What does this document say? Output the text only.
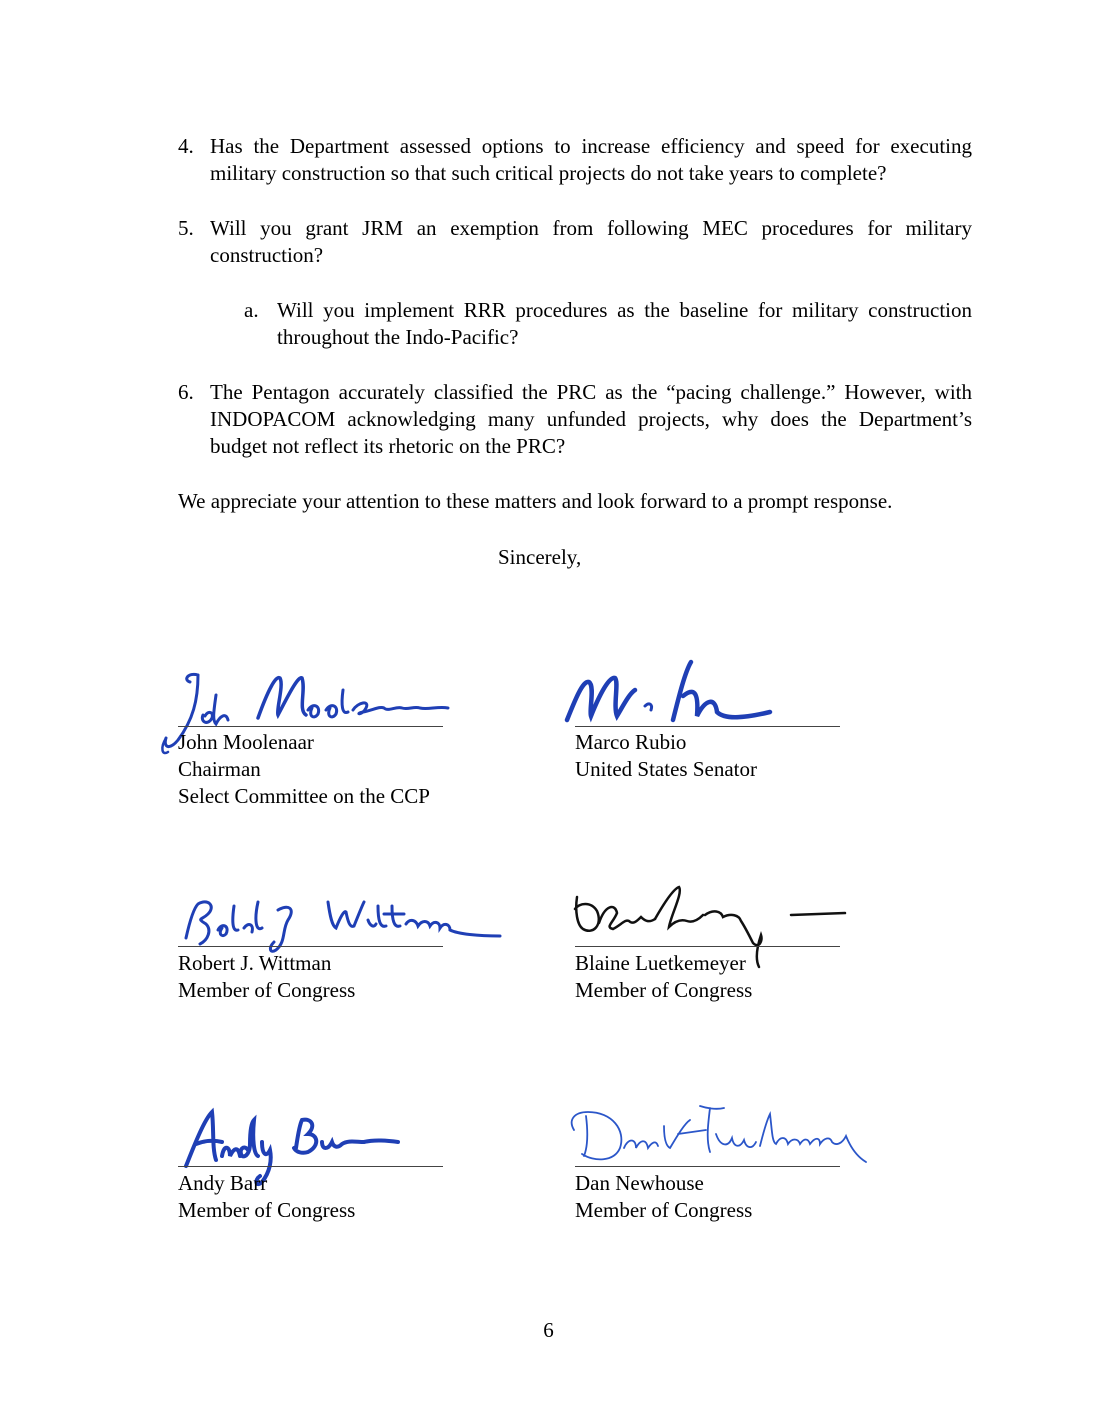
4. Has the Department assessed options to increase efficiency and speed for executing military construction so that such critical projects do not take years to complete?
5. Will you grant JRM an exemption from following MEC procedures for military construction?
a. Will you implement RRR procedures as the baseline for military construction throughout the Indo-Pacific?
6. The Pentagon accurately classified the PRC as the “pacing challenge.” However, with INDOPACOM acknowledging many unfunded projects, why does the Department’s budget not reflect its rhetoric on the PRC?
We appreciate your attention to these matters and look forward to a prompt response.
Sincerely,
John Moolenaar
Chairman
Select Committee on the CCP
Marco Rubio
United States Senator
Robert J. Wittman
Member of Congress
Blaine Luetkemeyer
Member of Congress
Andy Barr
Member of Congress
Dan Newhouse
Member of Congress
6
